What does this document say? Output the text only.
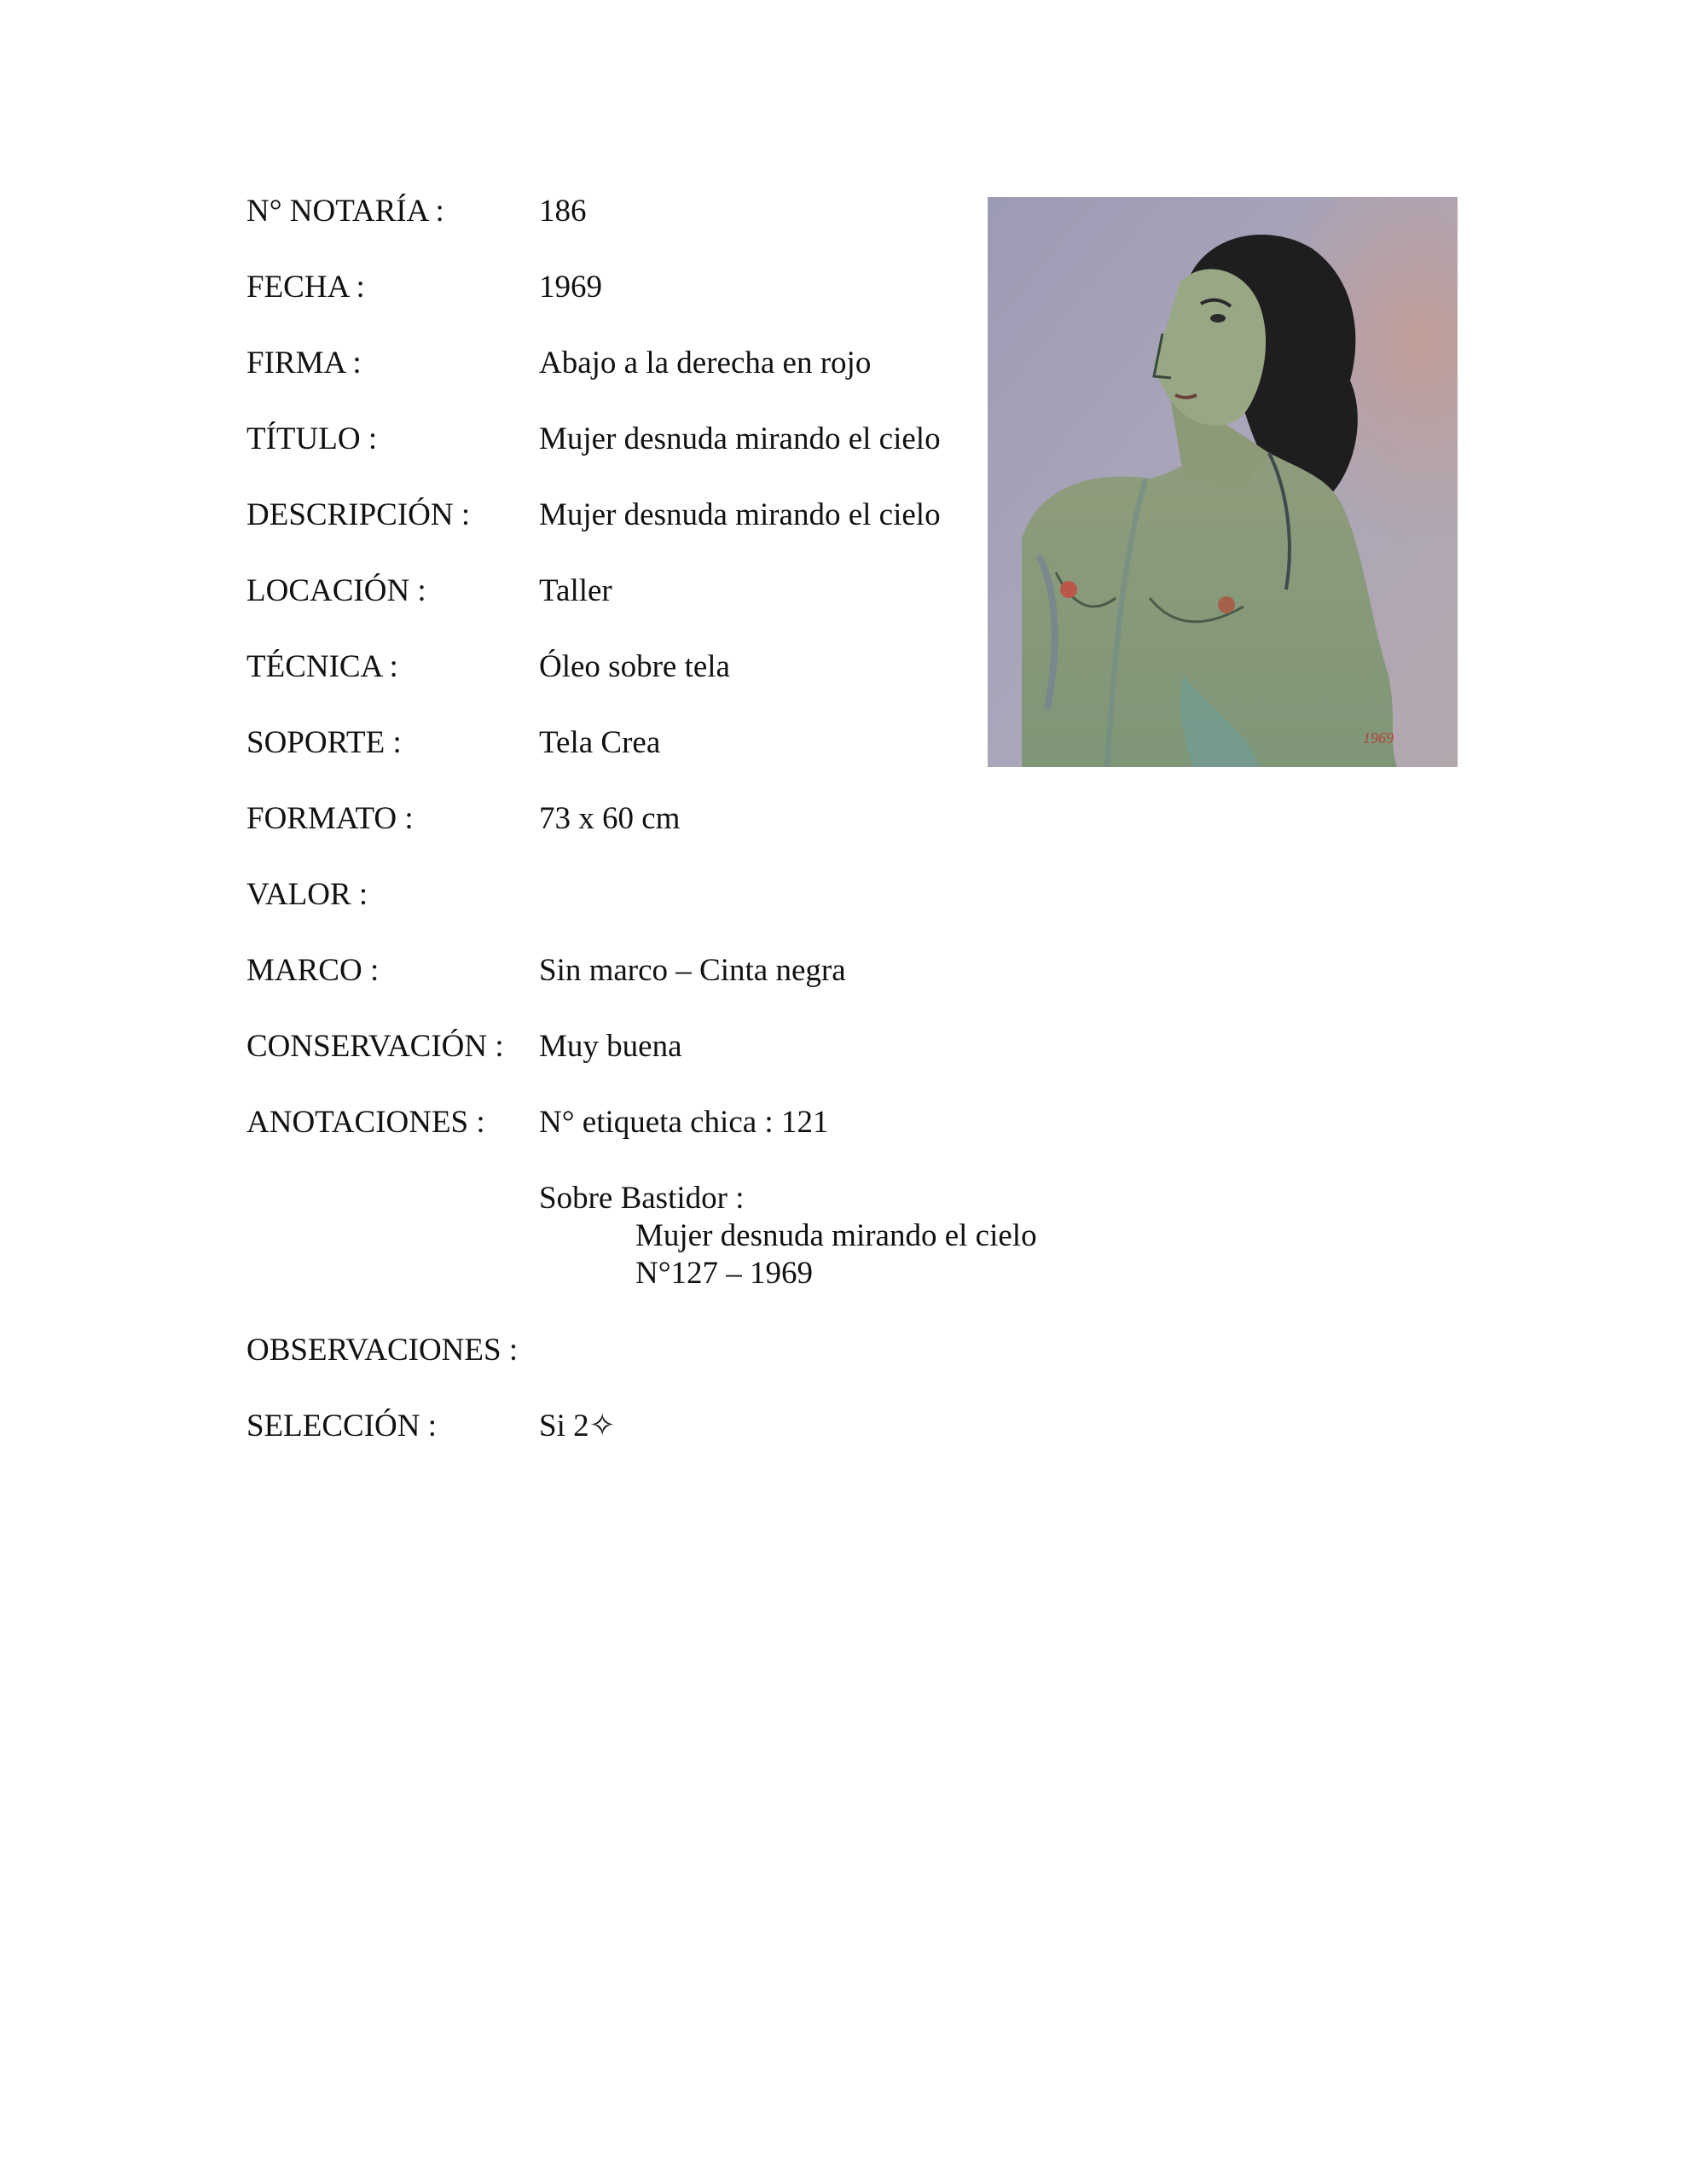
N° NOTARÍA :	186
FECHA :	1969
FIRMA :	Abajo a la derecha en rojo
TÍTULO :	Mujer desnuda mirando el cielo
DESCRIPCIÓN : Mujer desnuda mirando el cielo
LOCACIÓN :	Taller
TÉCNICA :	Óleo sobre tela
SOPORTE :	Tela Crea
FORMATO :	73 x 60 cm
VALOR :
MARCO :	Sin marco – Cinta negra
CONSERVACIÓN : Muy buena
ANOTACIONES : N° etiqueta chica : 121
Sobre Bastidor :
Mujer desnuda mirando el cielo
N°127 – 1969
OBSERVACIONES :
SELECCIÓN :	Si 2✧
1969
